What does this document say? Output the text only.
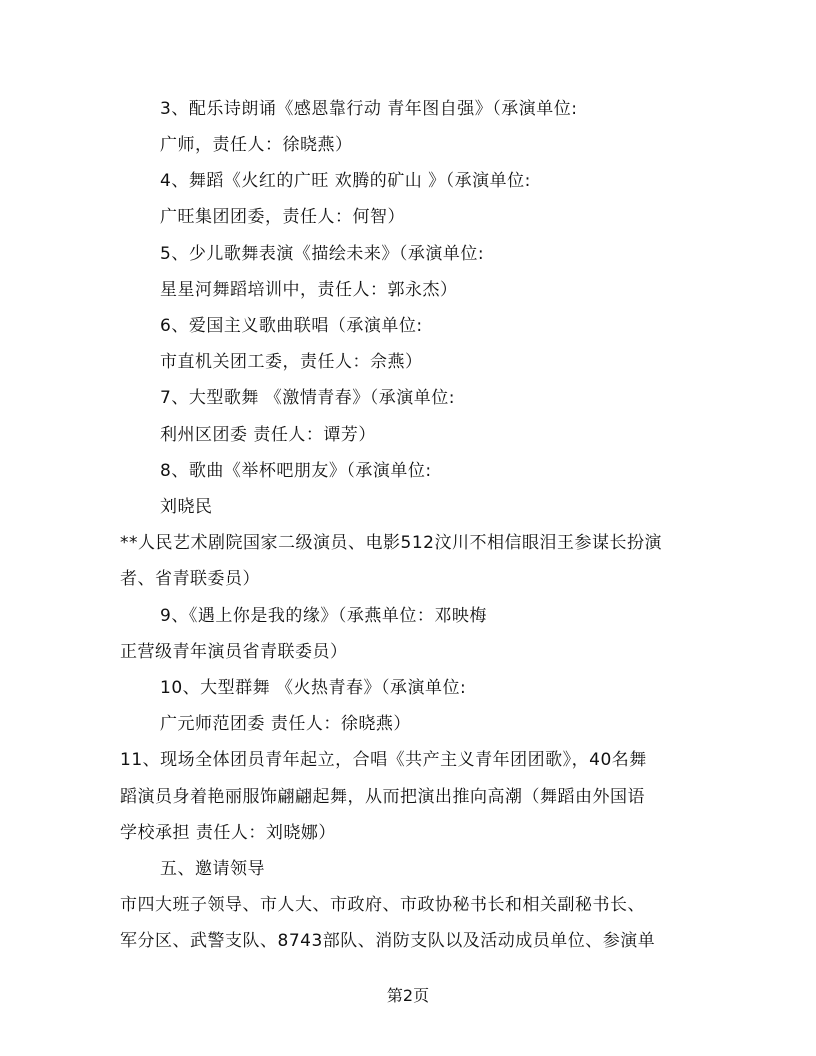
3、配乐诗朗诵《感恩靠行动 青年图自强》（承演单位:
广师，责任人：徐晓燕）
4、舞蹈《火红的广旺 欢腾的矿山 》（承演单位:
广旺集团团委，责任人：何智）
5、少儿歌舞表演《描绘未来》（承演单位:
星星河舞蹈培训中，责任人：郭永杰）
6、爱国主义歌曲联唱（承演单位:
市直机关团工委，责任人：佘燕）
7、大型歌舞 《激情青春》（承演单位:
利州区团委 责任人：谭芳）
8、歌曲《举杯吧朋友》（承演单位:
刘晓民
**人民艺术剧院国家二级演员、电影512汶川不相信眼泪王参谋长扮演
者、省青联委员）
9、《遇上你是我的缘》（承燕单位：邓映梅
正营级青年演员省青联委员）
10、大型群舞 《火热青春》（承演单位:
广元师范团委 责任人：徐晓燕）
11、现场全体团员青年起立，合唱《共产主义青年团团歌》，40名舞
蹈演员身着艳丽服饰翩翩起舞，从而把演出推向高潮（舞蹈由外国语
学校承担 责任人：刘晓娜）
五、邀请领导
市四大班子领导、市人大、市政府、市政协秘书长和相关副秘书长、
军分区、武警支队、8743部队、消防支队以及活动成员单位、参演单
第2页
